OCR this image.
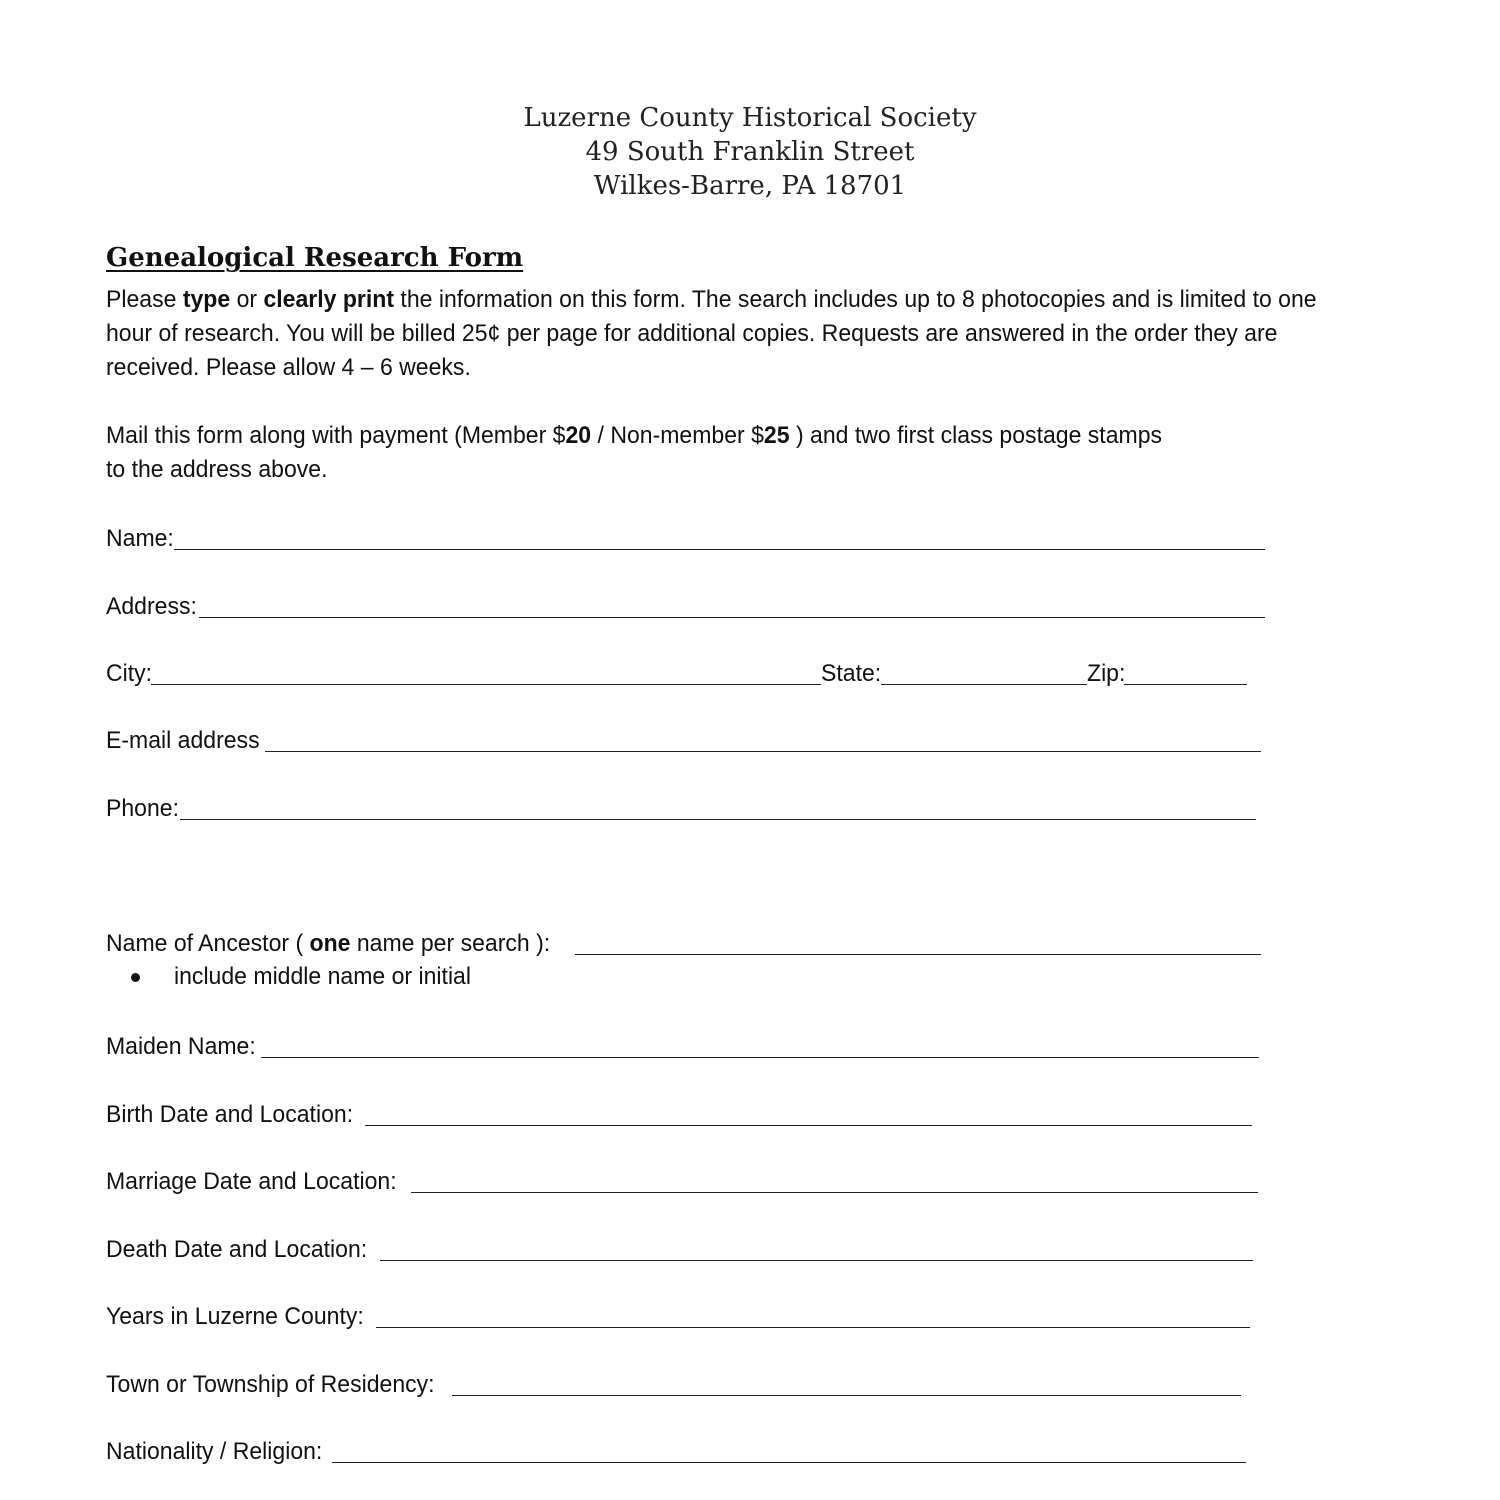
Luzerne County Historical Society
49 South Franklin Street
Wilkes-Barre, PA 18701
Genealogical Research Form
Please type or clearly print the information on this form. The search includes up to 8 photocopies and is limited to one
hour of research. You will be billed 25¢ per page for additional copies. Requests are answered in the order they are
received. Please allow 4 – 6 weeks.
Mail this form along with payment (Member $20 / Non-member $25 ) and two first class postage stamps
to the address above.
Name:
Address:
City:	State:	Zip:
E-mail address
Phone:
Name of Ancestor ( one name per search ):
include middle name or initial
Maiden Name:
Birth Date and Location:
Marriage Date and Location:
Death Date and Location:
Years in Luzerne County:
Town or Township of Residency:
Nationality / Religion:
